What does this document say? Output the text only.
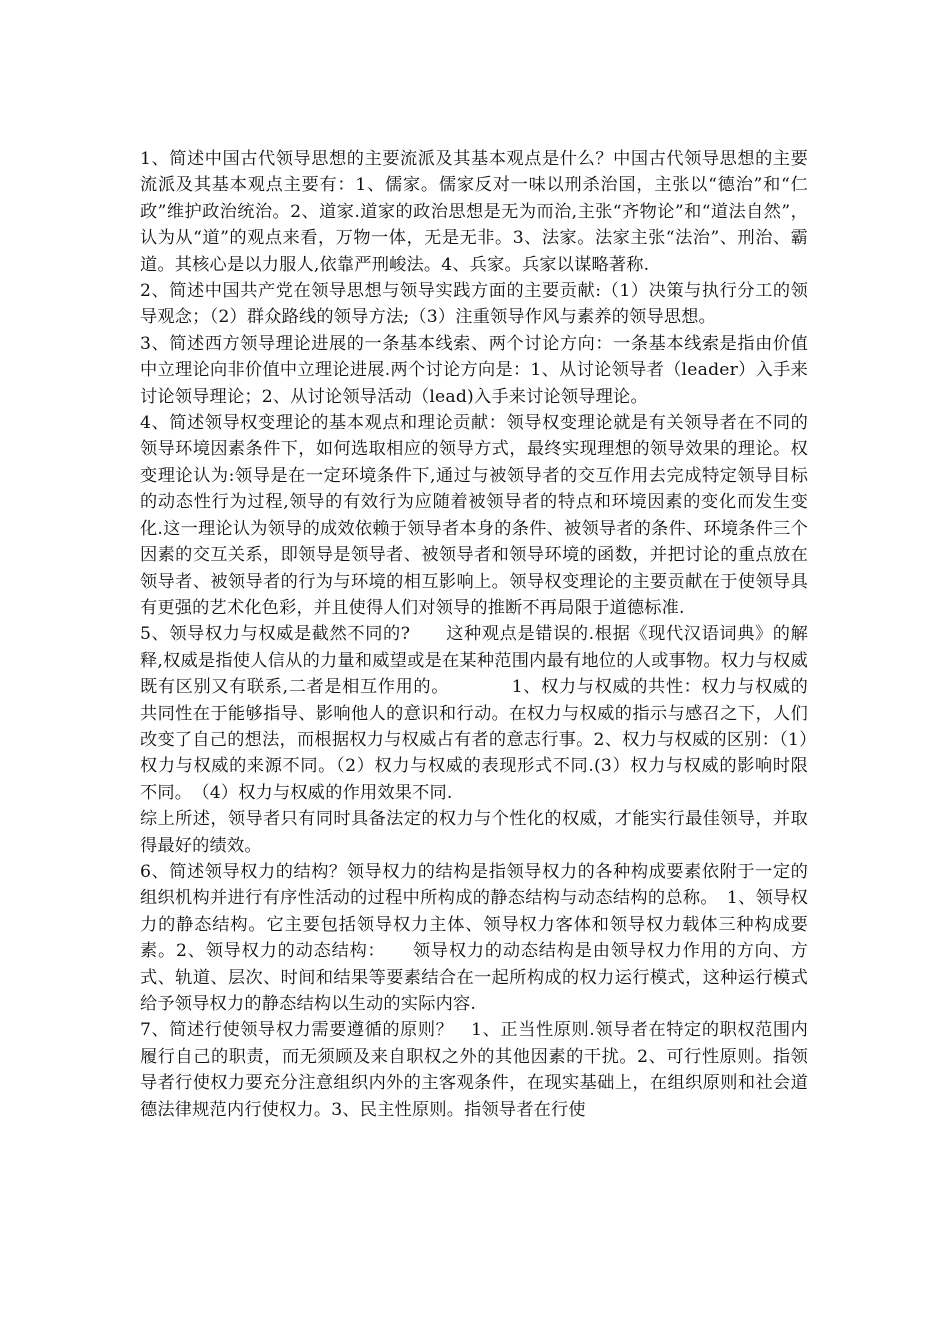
1、简述中国古代领导思想的主要流派及其基本观点是什么？中国古代领导思想的主要流派及其基本观点主要有：1、儒家。儒家反对一味以刑杀治国，主张以“德治”和“仁政”维护政治统治。2、道家.道家的政治思想是无为而治,主张“齐物论”和“道法自然”，认为从“道”的观点来看，万物一体，无是无非。3、法家。法家主张“法治”、刑治、霸道。其核心是以力服人,依靠严刑峻法。4、兵家。兵家以谋略著称.

2、简述中国共产党在领导思想与领导实践方面的主要贡献:（1）决策与执行分工的领导观念；（2）群众路线的领导方法;（3）注重领导作风与素养的领导思想。

3、简述西方领导理论进展的一条基本线索、两个讨论方向：一条基本线索是指由价值中立理论向非价值中立理论进展.两个讨论方向是：1、从讨论领导者（leader）入手来讨论领导理论；2、从讨论领导活动（lead)入手来讨论领导理论。

4、简述领导权变理论的基本观点和理论贡献：领导权变理论就是有关领导者在不同的领导环境因素条件下，如何选取相应的领导方式，最终实现理想的领导效果的理论。权变理论认为:领导是在一定环境条件下,通过与被领导者的交互作用去完成特定领导目标的动态性行为过程,领导的有效行为应随着被领导者的特点和环境因素的变化而发生变化.这一理论认为领导的成效依赖于领导者本身的条件、被领导者的条件、环境条件三个因素的交互关系，即领导是领导者、被领导者和领导环境的函数，并把讨论的重点放在领导者、被领导者的行为与环境的相互影响上。领导权变理论的主要贡献在于使领导具有更强的艺术化色彩，并且使得人们对领导的推断不再局限于道德标准.

5、领导权力与权威是截然不同的?　　这种观点是错误的.根据《现代汉语词典》的解释,权威是指使人信从的力量和威望或是在某种范围内最有地位的人或事物。权力与权威既有区别又有联系,二者是相互作用的。　　　　1、权力与权威的共性：权力与权威的共同性在于能够指导、影响他人的意识和行动。在权力与权威的指示与感召之下，人们改变了自己的想法，而根据权力与权威占有者的意志行事。2、权力与权威的区别：（1）权力与权威的来源不同。（2）权力与权威的表现形式不同.(3）权力与权威的影响时限不同。　（4）权力与权威的作用效果不同.

综上所述，领导者只有同时具备法定的权力与个性化的权威，才能实行最佳领导，并取得最好的绩效。

6、简述领导权力的结构？领导权力的结构是指领导权力的各种构成要素依附于一定的组织机构并进行有序性活动的过程中所构成的静态结构与动态结构的总称。　1、领导权力的静态结构。它主要包括领导权力主体、领导权力客体和领导权力载体三种构成要素。2、领导权力的动态结构：　　领导权力的动态结构是由领导权力作用的方向、方式、轨道、层次、时间和结果等要素结合在一起所构成的权力运行模式，这种运行模式给予领导权力的静态结构以生动的实际内容.

7、简述行使领导权力需要遵循的原则？　1、正当性原则.领导者在特定的职权范围内履行自己的职责，而无须顾及来自职权之外的其他因素的干扰。2、可行性原则。指领导者行使权力要充分注意组织内外的主客观条件，在现实基础上，在组织原则和社会道德法律规范内行使权力。3、民主性原则。指领导者在行使
